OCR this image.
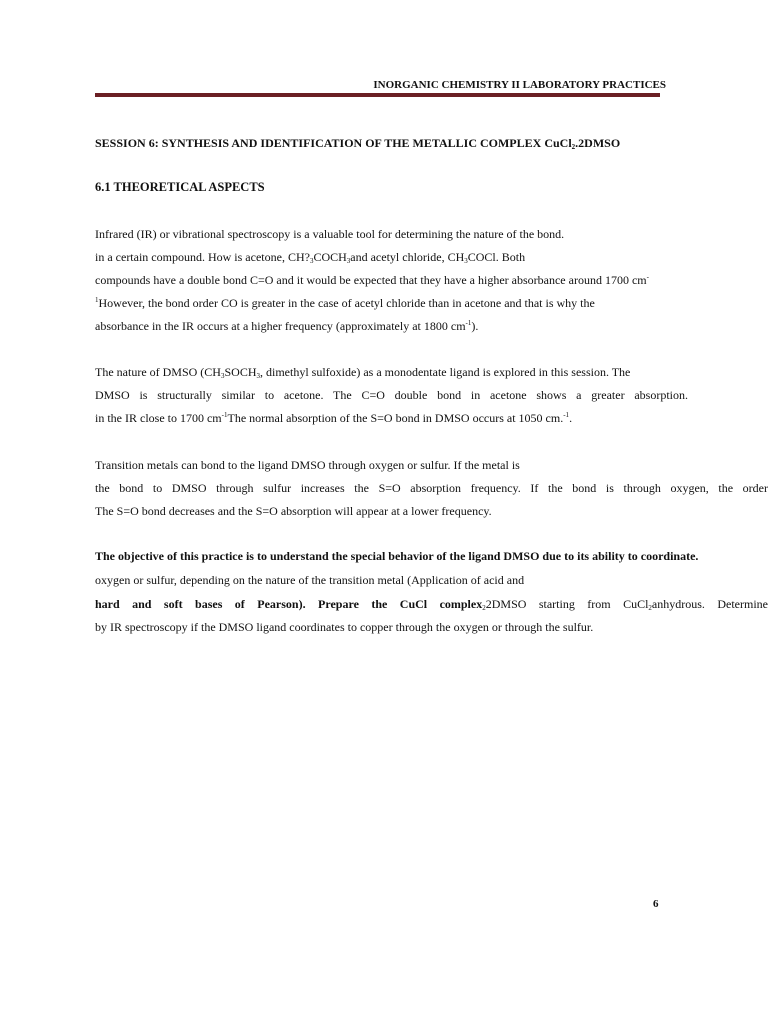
INORGANIC CHEMISTRY II LABORATORY PRACTICES
SESSION 6: SYNTHESIS AND IDENTIFICATION OF THE METALLIC COMPLEX CuCl$_2$.2DMSO
6.1 THEORETICAL ASPECTS
Infrared (IR) or vibrational spectroscopy is a valuable tool for determining the nature of the bond.
in a certain compound. How is acetone, $CH?_3COCH_3and$ acetyl chloride, $CH_3COCl$. Both
compounds have a double bond C=O and it would be expected that they have a higher absorbance around 1700 cm-
$^1$However, the bond order CO is greater in the case of acetyl chloride than in acetone and that is why the
absorbance in the IR occurs at a higher frequency (approximately at 1800 $cm^{-1}$).
The nature of DMSO ($CH_3SOCH_3$, dimethyl sulfoxide) as a monodentate ligand is explored in this session. The
DMSO is structurally similar to acetone. The C=O double bond in acetone shows a greater absorption.
in the IR close to 1700 $cm^{-1}The$ normal absorption of the S=O bond in DMSO occurs at 1050 cm.$^{-1}$.
Transition metals can bond to the ligand DMSO through oxygen or sulfur. If the metal is
the bond to DMSO through sulfur increases the S=O absorption frequency. If the bond is through oxygen, the order
The S=O bond decreases and the S=O absorption will appear at a lower frequency.
The objective of this practice is to understand the special behavior of the ligand DMSO due to its ability to coordinate.
oxygen or sulfur, depending on the nature of the transition metal (Application of acid and
hard and soft bases of Pearson). Prepare the CuCl complex$_2$2DMSO starting from CuCl$_2$anhydrous. Determine
by IR spectroscopy if the DMSO ligand coordinates to copper through the oxygen or through the sulfur.
6
